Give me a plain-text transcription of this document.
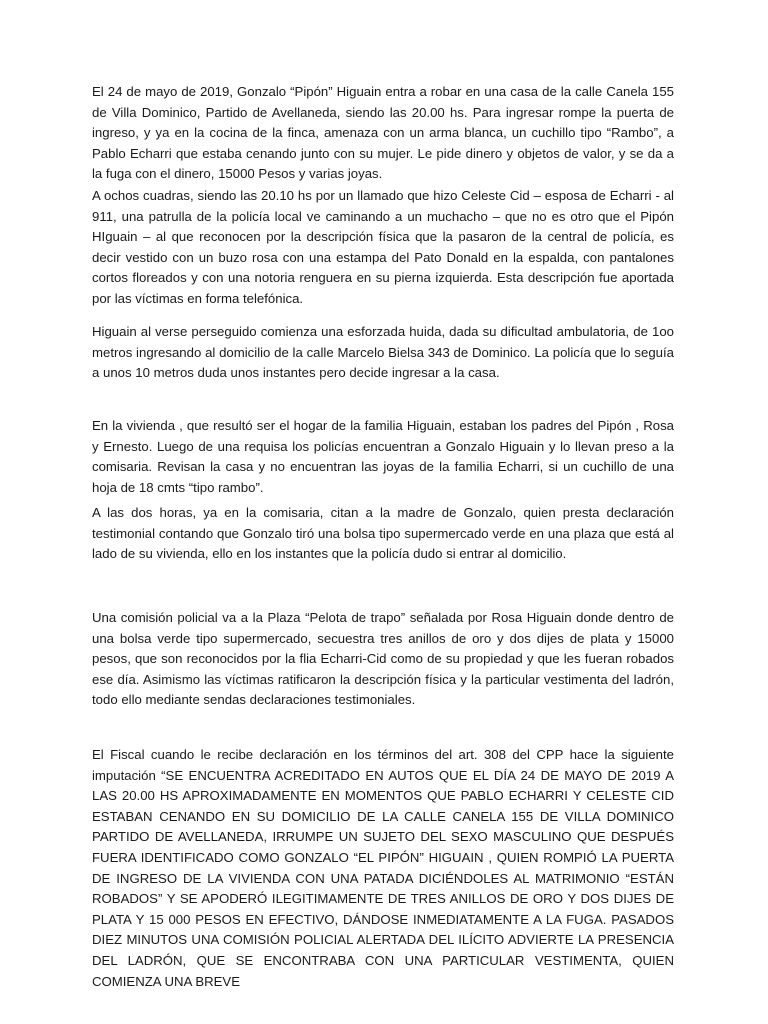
El 24 de mayo de 2019, Gonzalo “Pipón” Higuain entra a robar en una casa de la calle Canela 155 de Villa Dominico, Partido de Avellaneda, siendo las 20.00 hs. Para ingresar rompe la puerta de ingreso, y ya en la cocina de la finca, amenaza con un arma blanca, un cuchillo tipo “Rambo”, a Pablo Echarri que estaba cenando junto con su mujer. Le pide dinero y objetos de valor, y se da a la fuga con el dinero, 15000 Pesos y varias joyas.

A ochos cuadras, siendo las 20.10 hs por un llamado que hizo Celeste Cid – esposa de Echarri - al 911, una patrulla de la policía local ve caminando a un muchacho – que no es otro que el Pipón HIguain – al que reconocen por la descripción física que la pasaron de la central de policía, es decir vestido con un buzo rosa con una estampa del Pato Donald en la espalda, con pantalones cortos floreados y con una notoria renguera en su pierna izquierda. Esta descripción fue aportada por las víctimas en forma telefónica.

Higuain al verse perseguido comienza una esforzada huida, dada su dificultad ambulatoria, de 1oo metros ingresando al domicilio de la calle Marcelo Bielsa 343 de Dominico. La policía que lo seguía a unos 10 metros duda unos instantes pero decide ingresar a la casa.

En la vivienda , que resultó ser el hogar de la familia Higuain, estaban los padres del Pipón , Rosa y Ernesto. Luego de una requisa los policías encuentran a Gonzalo Higuain y lo llevan preso a la comisaria. Revisan la casa y no encuentran las joyas de la familia Echarri, si un cuchillo de una hoja de 18 cmts “tipo rambo”.

A las dos horas, ya en la comisaria, citan a la madre de Gonzalo, quien presta declaración testimonial contando que Gonzalo tiró una bolsa tipo supermercado verde en una plaza que está al lado de su vivienda, ello en los instantes que la policía dudo si entrar al domicilio.

Una comisión policial va a la Plaza “Pelota de trapo” señalada por Rosa Higuain donde dentro de una bolsa verde tipo supermercado, secuestra tres anillos de oro y dos dijes de plata y 15000 pesos, que son reconocidos por la flia Echarri-Cid como de su propiedad y que les fueran robados ese día. Asimismo las víctimas ratificaron la descripción física y la particular vestimenta del ladrón, todo ello mediante sendas declaraciones testimoniales.

El Fiscal cuando le recibe declaración en los términos del art. 308 del CPP hace la siguiente imputación “SE ENCUENTRA ACREDITADO EN AUTOS QUE EL DÍA 24 DE MAYO DE 2019 A LAS 20.00 HS APROXIMADAMENTE EN MOMENTOS QUE PABLO ECHARRI Y CELESTE CID ESTABAN CENANDO EN SU DOMICILIO DE LA CALLE CANELA 155 DE VILLA DOMINICO PARTIDO DE AVELLANEDA, IRRUMPE UN SUJETO DEL SEXO MASCULINO QUE DESPUÉS FUERA IDENTIFICADO COMO GONZALO “EL PIPÓN” HIGUAIN , QUIEN ROMPIÓ LA PUERTA DE INGRESO DE LA VIVIENDA CON UNA PATADA DICIÉNDOLES AL MATRIMONIO “ESTÁN ROBADOS” Y SE APODERÓ ILEGITIMAMENTE DE TRES ANILLOS DE ORO Y DOS DIJES DE PLATA Y 15 000 PESOS EN EFECTIVO, DÁNDOSE INMEDIATAMENTE A LA FUGA. PASADOS DIEZ MINUTOS UNA COMISIÓN POLICIAL ALERTADA DEL ILÍCITO ADVIERTE LA PRESENCIA DEL LADRÓN, QUE SE ENCONTRABA CON UNA PARTICULAR VESTIMENTA, QUIEN COMIENZA UNA BREVE
